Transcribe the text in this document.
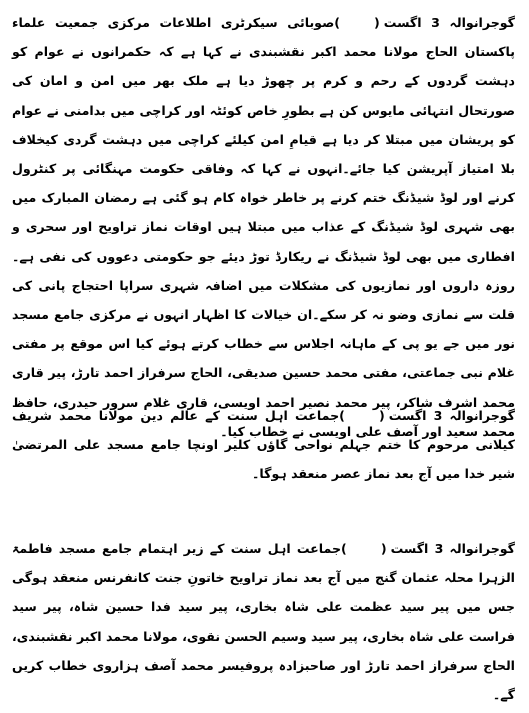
گوجرانوالہ 3 اگست()صوبائی سیکرٹری اطلاعات مرکزی جمعیت علماء پاکستان الحاج مولانا محمد اکبر نقشبندی نے کہا ہے کہ حکمرانوں نے عوام کو دہشت گردوں کے رحم و کرم پر چھوڑ دیا ہے ملک بھر میں امن و امان کی صورتحال انتہائی مایوس کن ہے بطورِ خاص کوئٹہ اور کراچی میں بدامنی نے عوام کو پریشان میں مبتلا کر دیا ہے قیامِ امن کیلئے کراچی میں دہشت گردی کیخلاف بلا امتیاز آپریشن کیا جائے۔انہوں نے کہا کہ وفاقی حکومت مہنگائی پر کنٹرول کرنے اور لوڈ شیڈنگ ختم کرنے پر خاطر خواہ کام ہو گئی ہے رمضان المبارک میں بھی شہری لوڈ شیڈنگ کے عذاب میں مبتلا ہیں اوقات نماز تراویح اور سحری و افطاری میں بھی لوڈ شیڈنگ نے ریکارڈ توڑ دیئے جو حکومتی دعووں کی نفی ہے۔روزہ داروں اور نمازیوں کی مشکلات میں اضافہ شہری سراپا احتجاج پانی کی قلت سے نمازی وضو نہ کر سکے۔ان خیالات کا اظہار انہوں نے مرکزی جامع مسجد نور میں جے یو پی کے ماہانہ اجلاس سے خطاب کرتے ہوئے کیا اس موقع پر مفتی غلام نبی جماعتی، مفتی محمد حسین صدیقی، الحاج سرفراز احمد تارڑ، پیر قاری محمد اشرف شاکر، پیر محمد نصیر احمد اویسی، قاری غلام سرور حیدری، حافظ محمد سعید اور آصف علی اویسی نے خطاب کیا۔

گوجرانوالہ 3 اگست()جماعت اہل سنت کے عالم دین مولانا محمد شریف کیلانی مرحوم کا ختم جہلم نواحی گاؤں کلیر اونچا جامع مسجد علی المرتضیٰ شیر خدا میں آج بعد نماز عصر منعقد ہوگا۔

گوجرانوالہ 3 اگست()جماعت اہل سنت کے زیر اہتمام جامع مسجد فاطمۃ الزہرا محلہ عثمان گنج میں آج بعد نماز تراویح خاتونِ جنت کانفرنس منعقد ہوگی جس میں پیر سید عظمت علی شاہ بخاری، پیر سید فدا حسین شاہ، پیر سید فراست علی شاہ بخاری، پیر سید وسیم الحسن نقوی، مولانا محمد اکبر نقشبندی، الحاج سرفراز احمد تارڑ اور صاحبزادہ پروفیسر محمد آصف ہزاروی خطاب کریں گے۔
